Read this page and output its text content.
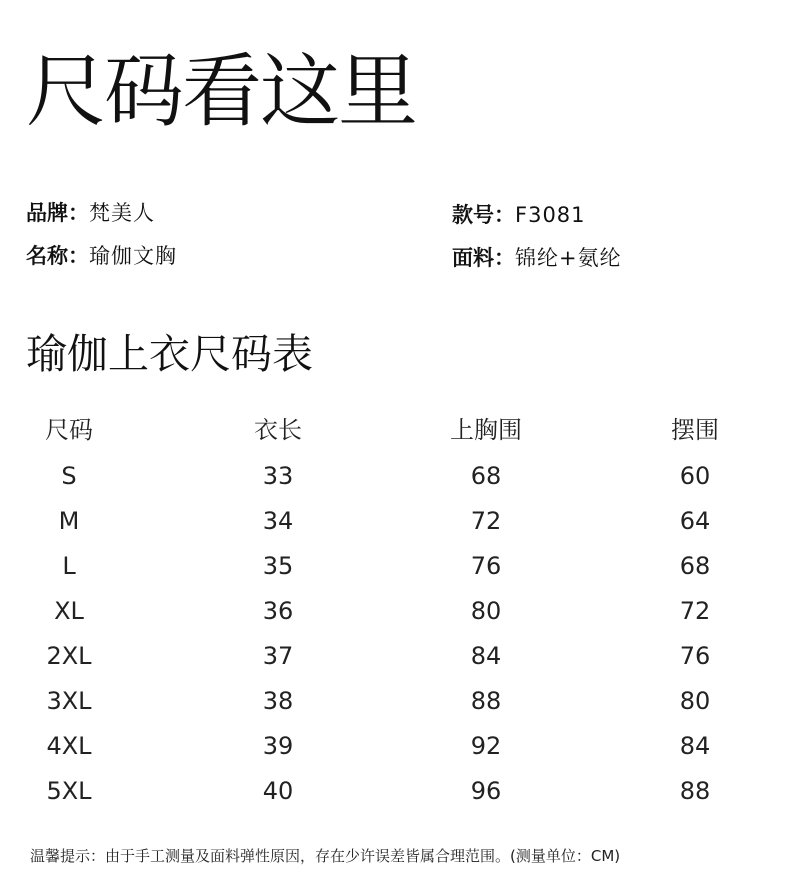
尺码看这里
品牌：梵美人
名称：瑜伽文胸
款号：F3081
面料：锦纶+氨纶
瑜伽上衣尺码表
尺码	衣长	上胸围	摆围
S	33	68	60
M	34	72	64
L	35	76	68
XL	36	80	72
2XL	37	84	76
3XL	38	88	80
4XL	39	92	84
5XL	40	96	88
温馨提示：由于手工测量及面料弹性原因，存在少许误差皆属合理范围。(测量单位：CM)
